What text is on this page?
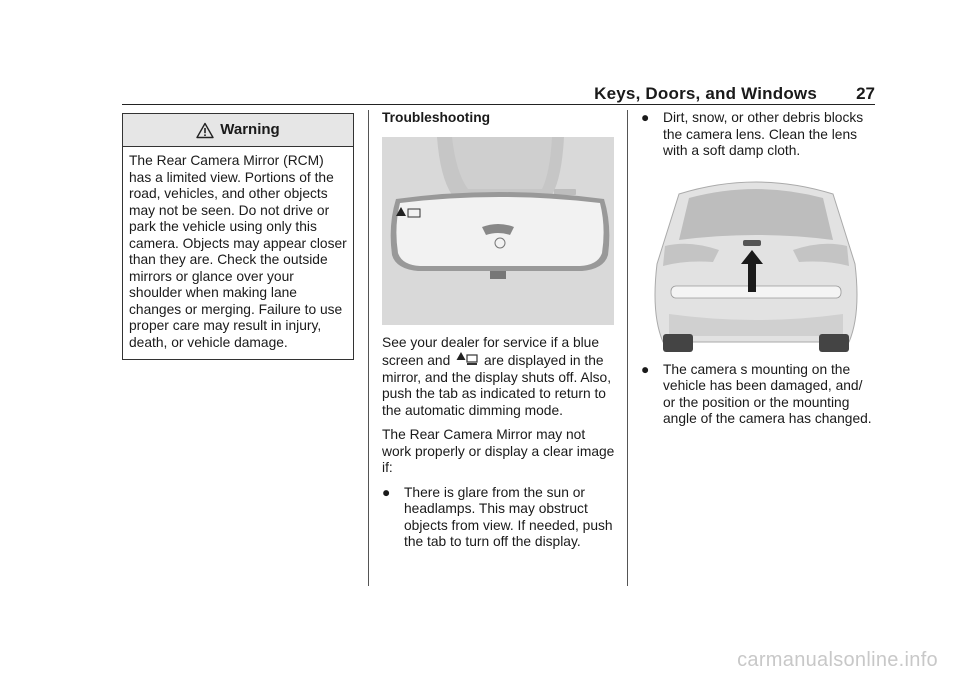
Keys, Doors, and Windows 27
Warning
The Rear Camera Mirror (RCM) has a limited view. Portions of the road, vehicles, and other objects may not be seen. Do not drive or park the vehicle using only this camera. Objects may appear closer than they are. Check the outside mirrors or glance over your shoulder when making lane changes or merging. Failure to use proper care may result in injury, death, or vehicle damage.
Troubleshooting

See your dealer for service if a blue screen and are displayed in the mirror, and the display shuts off. Also, push the tab as indicated to return to the automatic dimming mode.

The Rear Camera Mirror may not work properly or display a clear image if:

● There is glare from the sun or headlamps. This may obstruct objects from view. If needed, push the tab to turn off the display.
● Dirt, snow, or other debris blocks the camera lens. Clean the lens with a soft damp cloth.
● The camera s mounting on the vehicle has been damaged, and/ or the position or the mounting angle of the camera has changed.
carmanualsonline.info
